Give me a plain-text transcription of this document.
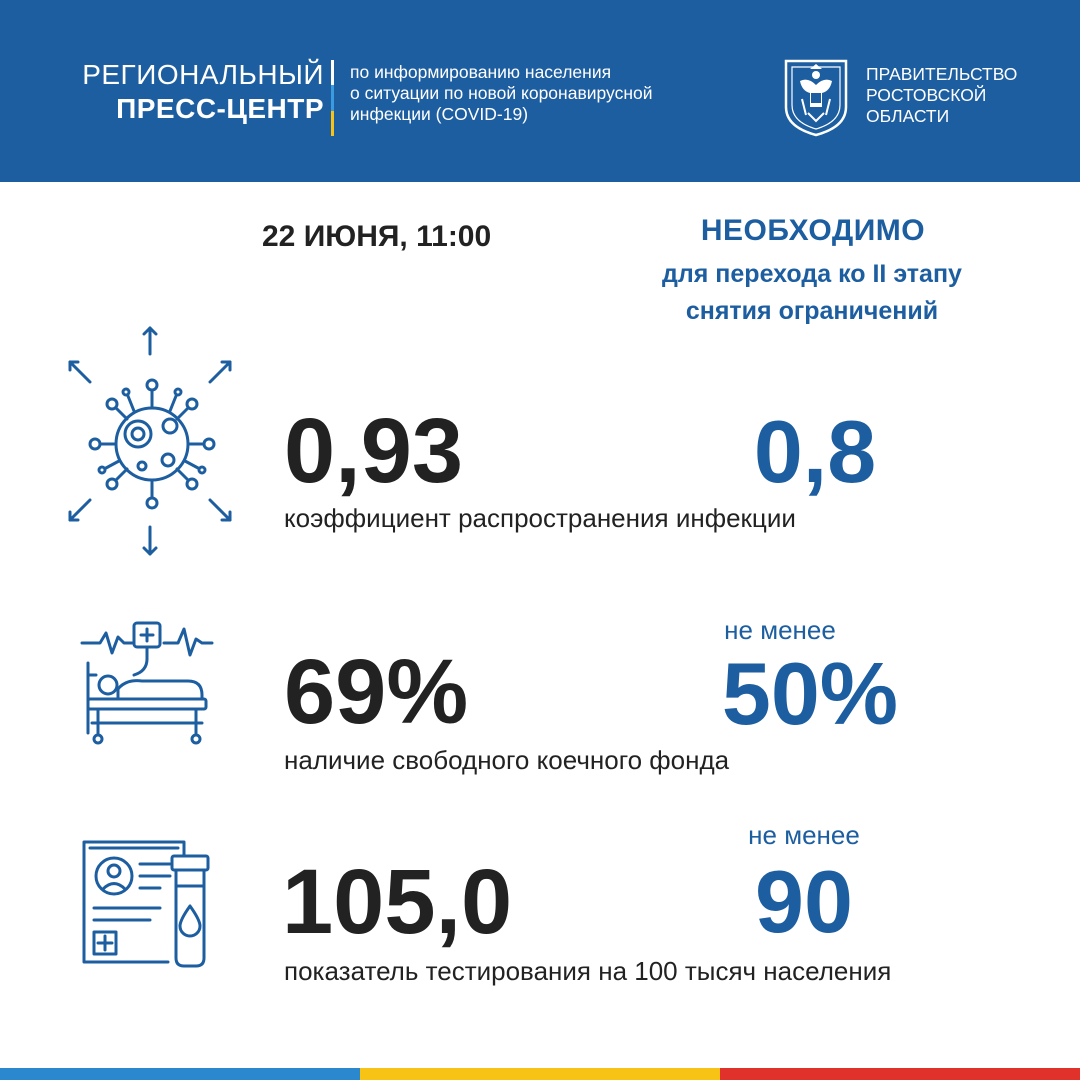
РЕГИОНАЛЬНЫЙ
ПРЕСС-ЦЕНТР
по информированию населения
о ситуации по новой коронавирусной
инфекции (COVID-19)
ПРАВИТЕЛЬСТВО
РОСТОВСКОЙ
ОБЛАСТИ
22 ИЮНЯ, 11:00	НЕОБХОДИМО
для перехода ко II этапу
снятия ограничений
0,93	0,8
коэффициент распространения инфекции
69%
не менее
50%
наличие свободного коечного фонда
105,0
не менее
90
показатель тестирования на 100 тысяч населения
